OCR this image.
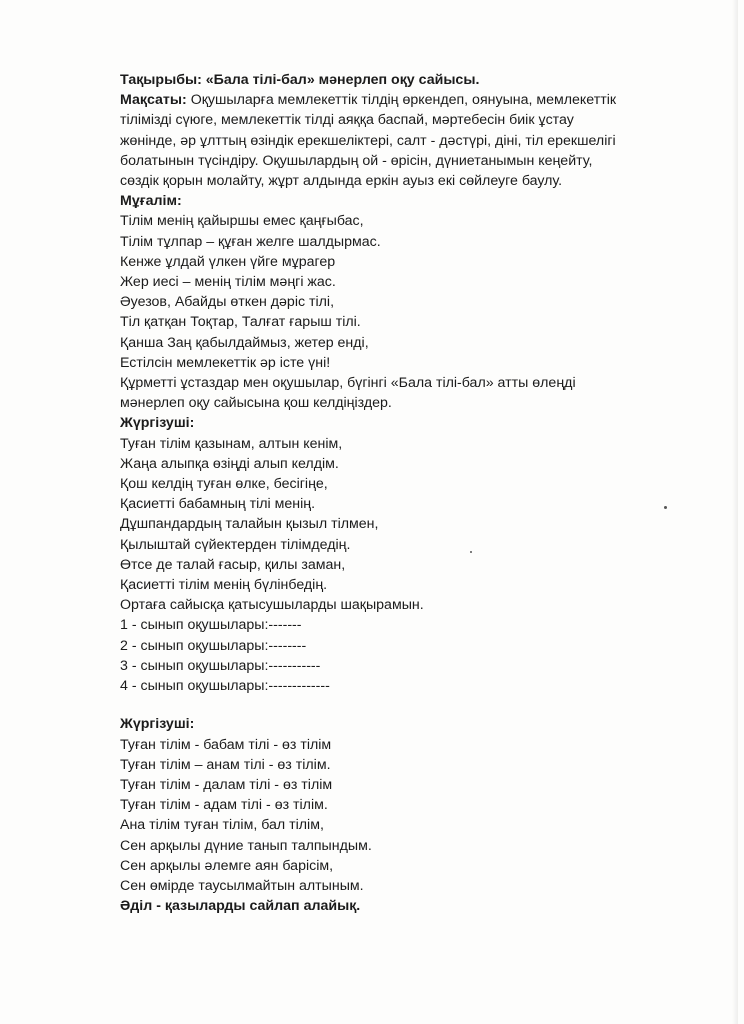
Тақырыбы: «Бала тілі-бал» мәнерлеп оқу сайысы.
Мақсаты: Оқушыларға мемлекеттік тілдің өркендеп, оянуына, мемлекеттік
тілімізді сүюге, мемлекеттік тілді аяққа баспай, мәртебесін биік ұстау
жөнінде, әр ұлттың өзіндік ерекшеліктері, салт - дәстүрі, діні, тіл ерекшелігі
болатынын түсіндіру. Оқушылардың ой - өрісін, дүниетанымын кеңейту,
сөздік қорын молайту, жұрт алдында еркін ауыз екі сөйлеуге баулу.
Мұғалім:
Тілім менің қайыршы емес қаңғыбас,
Тілім тұлпар – құған желге шалдырмас.
Кенже ұлдай үлкен үйге мұрагер
Жер иесі – менің тілім мәңгі жас.
Әуезов, Абайды өткен дәріс тілі,
Тіл қатқан Тоқтар, Талғат ғарыш тілі.
Қанша Заң қабылдаймыз, жетер енді,
Естілсін мемлекеттік әр істе үні!
Құрметті ұстаздар мен оқушылар, бүгінгі «Бала тілі-бал» атты өлеңді
мәнерлеп оқу сайысына қош келдіңіздер.
Жүргізуші:
Туған тілім қазынам, алтын кенім,
Жаңа алыпқа өзіңді алып келдім.
Қош келдің туған өлке, бесігіңе,
Қасиетті бабамның тілі менің.
Дұшпандардың талайын қызыл тілмен,
Қылыштай сүйектерден тілімдедің.
Өтсе де талай ғасыр, қилы заман,
Қасиетті тілім менің бүлінбедің.
Ортаға сайысқа қатысушыларды шақырамын.
1 - сынып оқушылары:-------
2 - сынып оқушылары:--------
3 - сынып оқушылары:-----------
4 - сынып оқушылары:-------------
Жүргізуші:
Туған тілім - бабам тілі - өз тілім
Туған тілім – анам тілі - өз тілім.
Туған тілім - далам тілі - өз тілім
Туған тілім - адам тілі - өз тілім.
Ана тілім туған тілім, бал тілім,
Сен арқылы дүние танып талпындым.
Сен арқылы әлемге аян барісім,
Сен өмірде таусылмайтын алтыным.
Әділ - қазыларды сайлап алайық.
